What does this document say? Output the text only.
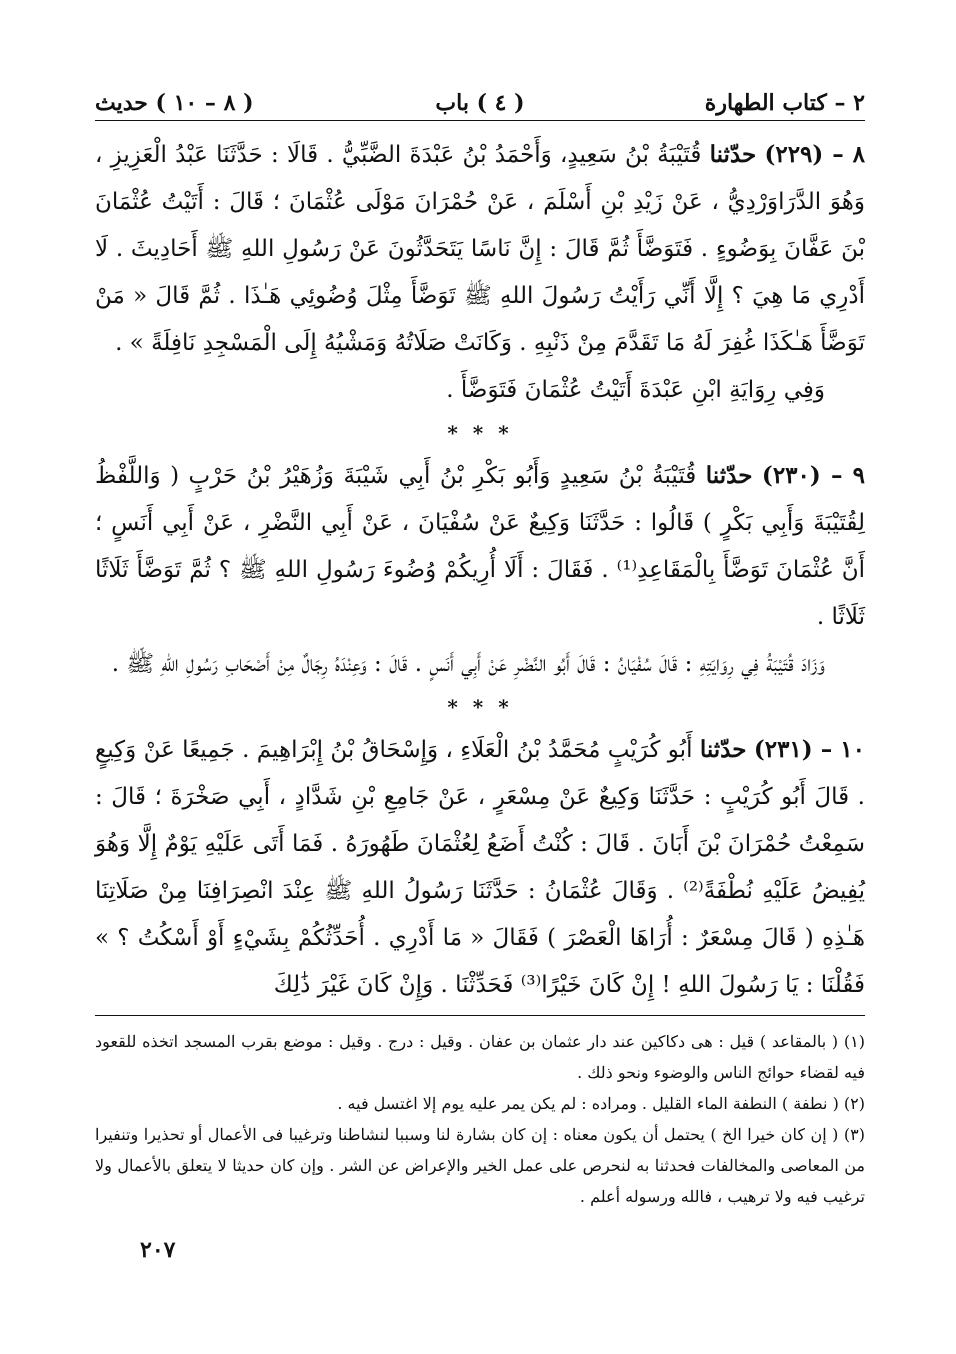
٢ – كتاب الطهارة
( ٤ ) باب
( ٨ – ١٠ ) حديث

٨ – (٢٢٩) حدّثنا قُتَيْبَةُ بْنُ سَعِيدٍ، وَأَحْمَدُ بْنُ عَبْدَةَ الضَّبِّيُّ . قَالَا : حَدَّثَنَا عَبْدُ الْعَزِيزِ ، وَهُوَ الدَّرَاوَرْدِيُّ ، عَنْ زَيْدِ بْنِ أَسْلَمَ ، عَنْ حُمْرَانَ مَوْلَى عُثْمَانَ ؛ قَالَ : أَتَيْتُ عُثْمَانَ بْنَ عَفَّانَ بِوَضُوءٍ . فَتَوَضَّأَ ثُمَّ قَالَ : إِنَّ نَاسًا يَتَحَدَّثُونَ عَنْ رَسُولِ اللهِ ﷺ أَحَادِيثَ . لَا أَدْرِي مَا هِيَ ؟ إِلَّا أَنِّي رَأَيْتُ رَسُولَ اللهِ ﷺ تَوَضَّأَ مِثْلَ وُضُوئِي هَـٰذَا . ثُمَّ قَالَ « مَنْ تَوَضَّأَ هَـٰكَذَا غُفِرَ لَهُ مَا تَقَدَّمَ مِنْ ذَنْبِهِ . وَكَانَتْ صَلَاتُهُ وَمَشْيُهُ إِلَى الْمَسْجِدِ نَافِلَةً » .

وَفِي رِوَايَةِ ابْنِ عَبْدَةَ أَتَيْتُ عُثْمَانَ فَتَوَضَّأَ .

* * *

٩ – (٢٣٠) حدّثنا قُتَيْبَةُ بْنُ سَعِيدٍ وَأَبُو بَكْرِ بْنُ أَبِي شَيْبَةَ وَزُهَيْرُ بْنُ حَرْبٍ ( وَاللَّفْظُ لِقُتَيْبَةَ وَأَبِي بَكْرٍ ) قَالُوا : حَدَّثَنَا وَكِيعٌ عَنْ سُفْيَانَ ، عَنْ أَبِي النَّضْرِ ، عَنْ أَبِي أَنَسٍ ؛ أَنَّ عُثْمَانَ تَوَضَّأَ بِالْمَقَاعِدِ⁽¹⁾ . فَقَالَ : أَلَا أُرِيكُمْ وُضُوءَ رَسُولِ اللهِ ﷺ ؟ ثُمَّ تَوَضَّأَ ثَلَاثًا ثَلَاثًا .

وَزَادَ قُتَيْبَةُ فِي رِوَايَتِهِ : قَالَ سُفْيَانُ : قَالَ أَبُو النَّضْرِ عَنْ أَبِي أَنَسٍ . قَالَ : وَعِنْدَهُ رِجَالٌ مِنْ أَصْحَابِ رَسُولِ اللهِ ﷺ .

* * *

١٠ – (٢٣١) حدّثنا أَبُو كُرَيْبٍ مُحَمَّدُ بْنُ الْعَلَاءِ ، وَإِسْحَاقُ بْنُ إِبْرَاهِيمَ . جَمِيعًا عَنْ وَكِيعٍ . قَالَ أَبُو كُرَيْبٍ : حَدَّثَنَا وَكِيعٌ عَنْ مِسْعَرٍ ، عَنْ جَامِعِ بْنِ شَدَّادٍ ، أَبِي صَخْرَةَ ؛ قَالَ : سَمِعْتُ حُمْرَانَ بْنَ أَبَانَ . قَالَ : كُنْتُ أَضَعُ لِعُثْمَانَ طَهُورَهُ . فَمَا أَتَى عَلَيْهِ يَوْمٌ إِلَّا وَهُوَ يُفِيضُ عَلَيْهِ نُطْفَةً⁽²⁾ . وَقَالَ عُثْمَانُ : حَدَّثَنَا رَسُولُ اللهِ ﷺ عِنْدَ انْصِرَافِنَا مِنْ صَلَاتِنَا هَـٰذِهِ ( قَالَ مِسْعَرٌ : أُرَاهَا الْعَصْرَ ) فَقَالَ « مَا أَدْرِي . أُحَدِّثُكُمْ بِشَيْءٍ أَوْ أَسْكُتُ ؟ » فَقُلْنَا : يَا رَسُولَ اللهِ ! إِنْ كَانَ خَيْرًا⁽³⁾ فَحَدِّثْنَا . وَإِنْ كَانَ غَيْرَ ذَٰلِكَ

(١) ( بالمقاعد ) قيل : هى دكاكين عند دار عثمان بن عفان . وقيل : درج . وقيل : موضع بقرب المسجد اتخذه للقعود فيه لقضاء حوائج الناس والوضوء ونحو ذلك .

(٢) ( نطفة ) النطفة الماء القليل . ومراده : لم يكن يمر عليه يوم إلا اغتسل فيه .

(٣) ( إن كان خيرا الخ ) يحتمل أن يكون معناه : إن كان بشارة لنا وسببا لنشاطنا وترغيبا فى الأعمال أو تحذيرا وتنفيرا من المعاصى والمخالفات فحدثنا به لنحرص على عمل الخير والإعراض عن الشر . وإن كان حديثا لا يتعلق بالأعمال ولا ترغيب فيه ولا ترهيب ، فالله ورسوله أعلم .

٢٠٧
